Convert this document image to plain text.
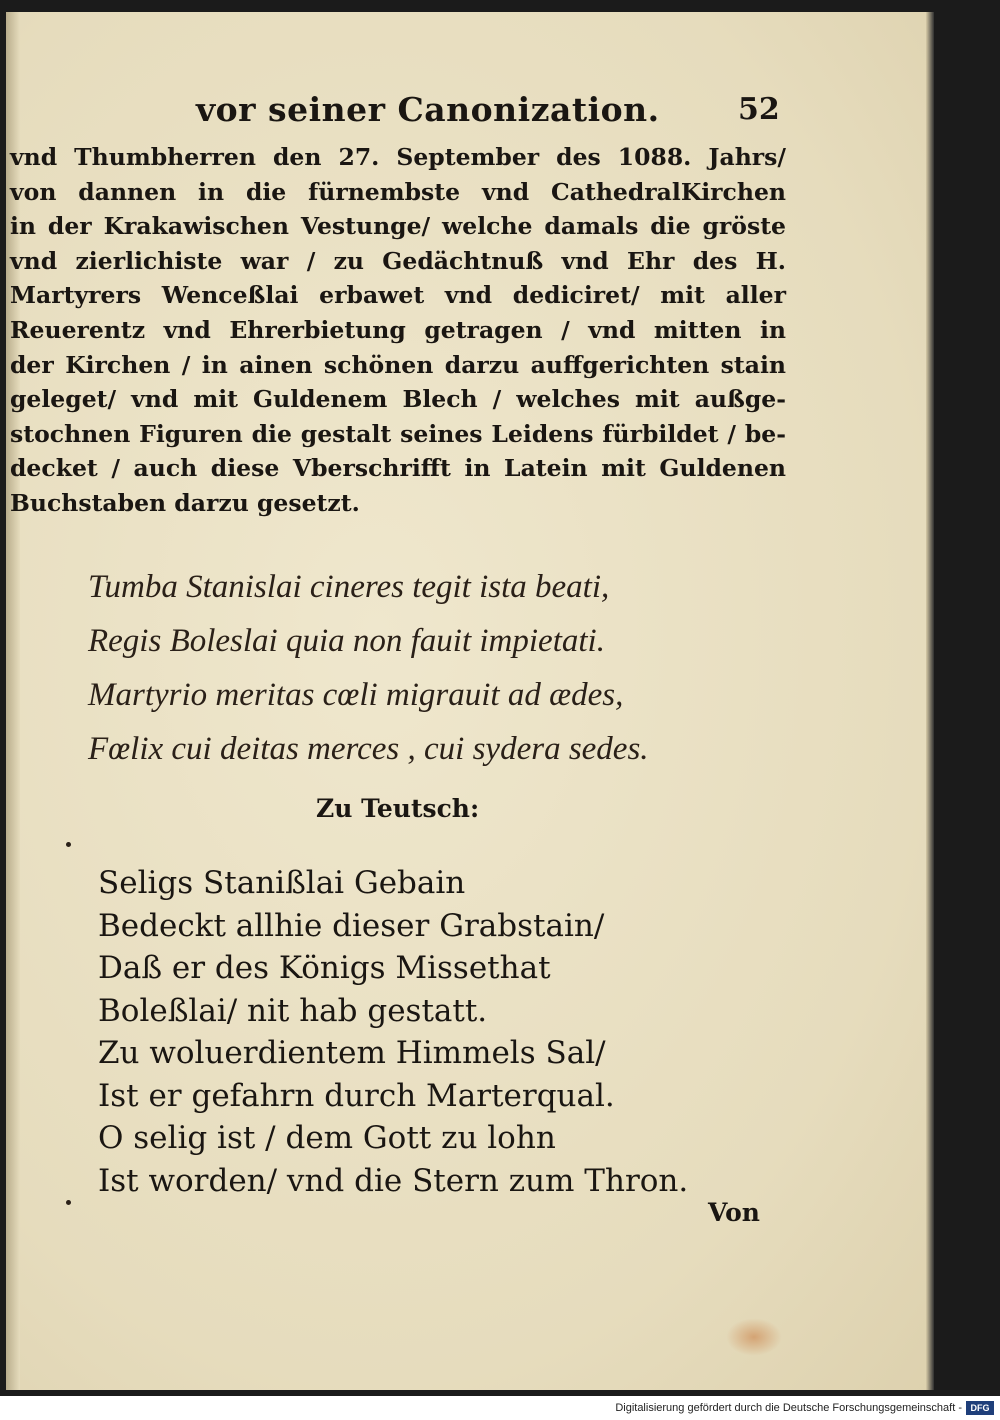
vor seiner Canonization.	52
vnd Thumbherren den 27. September des 1088. Jahrs/
von dannen in die fürnembste vnd CathedralKirchen
in der Krakawischen Vestunge/ welche damals die gröste
vnd zierlichiste war / zu Gedächtnuß vnd Ehr des H.
Martyrers Wenceßlai erbawet vnd dediciret/ mit aller
Reuerentz vnd Ehrerbietung getragen / vnd mitten in
der Kirchen / in ainen schönen darzu auffgerichten stain
geleget/ vnd mit Guldenem Blech / welches mit außge-
stochnen Figuren die gestalt seines Leidens fürbildet / be-
decket / auch diese Vberschrifft in Latein mit Guldenen
Buchstaben darzu gesetzt.
Tumba Stanislai cineres tegit ista beati,
Regis Boleslai quia non fauit impietati.
Martyrio meritas cœli migrauit ad ædes,
Fœlix cui deitas merces , cui sydera sedes.
Zu Teutsch:
Seligs Stanißlai Gebain
Bedeckt allhie dieser Grabstain/
Daß er des Königs Missethat
Boleßlai/ nit hab gestatt.
Zu woluerdientem Himmels Sal/
Ist er gefahrn durch Marterqual.
O selig ist / dem Gott zu lohn
Ist worden/ vnd die Stern zum Thron.
Von
Digitalisierung gefördert durch die Deutsche Forschungsgemeinschaft - DFG
